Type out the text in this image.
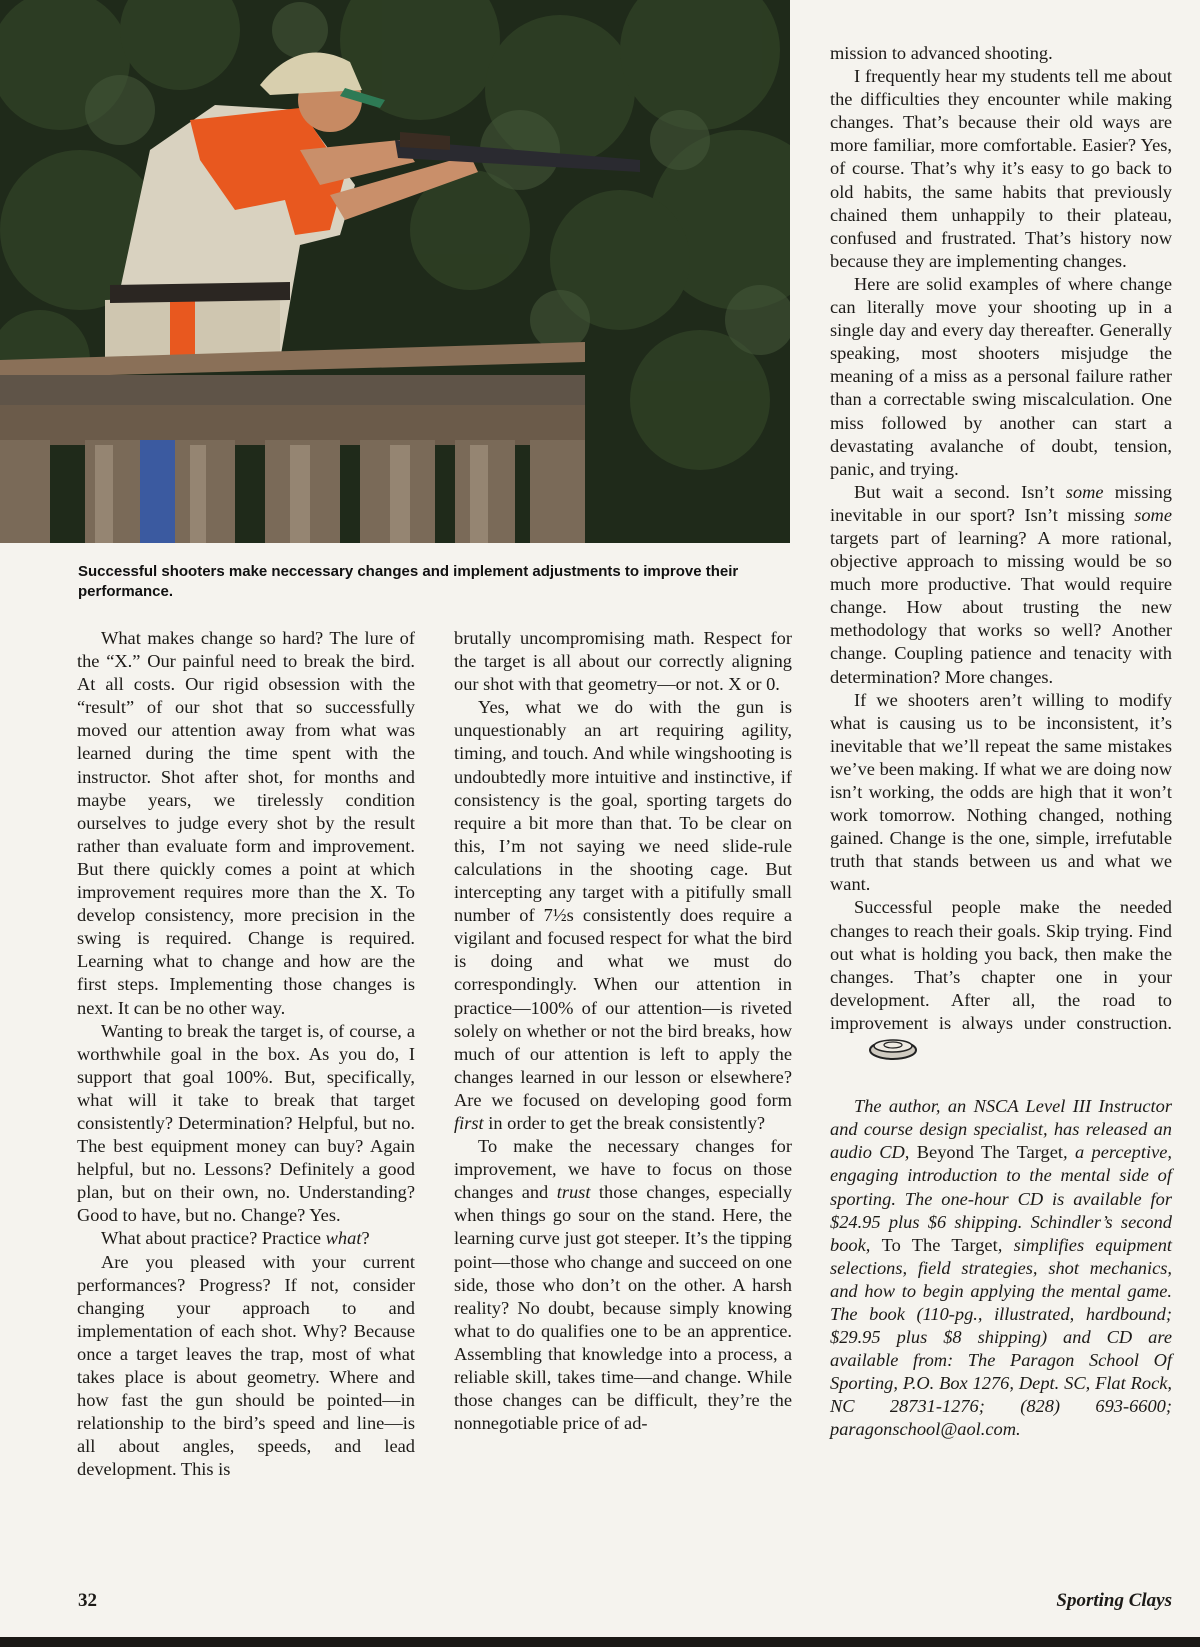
Successful shooters make neccessary changes and implement adjustments to improve their performance.

What makes change so hard? The lure of the “X.” Our painful need to break the bird. At all costs. Our rigid obsession with the “result” of our shot that so successfully moved our attention away from what was learned during the time spent with the instructor. Shot after shot, for months and maybe years, we tirelessly condition ourselves to judge every shot by the result rather than evaluate form and improvement. But there quickly comes a point at which improvement requires more than the X. To develop consistency, more precision in the swing is required. Change is required. Learning what to change and how are the first steps. Implementing those changes is next. It can be no other way.

Wanting to break the target is, of course, a worthwhile goal in the box. As you do, I support that goal 100%. But, specifically, what will it take to break that target consistently? Determination? Helpful, but no. The best equipment money can buy? Again helpful, but no. Lessons? Definitely a good plan, but on their own, no. Understanding? Good to have, but no. Change? Yes.

What about practice? Practice what?

Are you pleased with your current performances? Progress? If not, consider changing your approach to and implementation of each shot. Why? Because once a target leaves the trap, most of what takes place is about geometry. Where and how fast the gun should be pointed—in relationship to the bird’s speed and line—is all about angles, speeds, and lead development. This is

brutally uncompromising math. Respect for the target is all about our correctly aligning our shot with that geometry—or not. X or 0.

Yes, what we do with the gun is unquestionably an art requiring agility, timing, and touch. And while wingshooting is undoubtedly more intuitive and instinctive, if consistency is the goal, sporting targets do require a bit more than that. To be clear on this, I’m not saying we need slide-rule calculations in the shooting cage. But intercepting any target with a pitifully small number of 7½s consistently does require a vigilant and focused respect for what the bird is doing and what we must do correspondingly. When our attention in practice—100% of our attention—is riveted solely on whether or not the bird breaks, how much of our attention is left to apply the changes learned in our lesson or elsewhere? Are we focused on developing good form first in order to get the break consistently?

To make the necessary changes for improvement, we have to focus on those changes and trust those changes, especially when things go sour on the stand. Here, the learning curve just got steeper. It’s the tipping point—those who change and succeed on one side, those who don’t on the other. A harsh reality? No doubt, because simply knowing what to do qualifies one to be an apprentice. Assembling that knowledge into a process, a reliable skill, takes time—and change. While those changes can be difficult, they’re the nonnegotiable price of ad-

mission to advanced shooting.

I frequently hear my students tell me about the difficulties they encounter while making changes. That’s because their old ways are more familiar, more comfortable. Easier? Yes, of course. That’s why it’s easy to go back to old habits, the same habits that previously chained them unhappily to their plateau, confused and frustrated. That’s history now because they are implementing changes.

Here are solid examples of where change can literally move your shooting up in a single day and every day thereafter. Generally speaking, most shooters misjudge the meaning of a miss as a personal failure rather than a correctable swing miscalculation. One miss followed by another can start a devastating avalanche of doubt, tension, panic, and trying.

But wait a second. Isn’t some missing inevitable in our sport? Isn’t missing some targets part of learning? A more rational, objective approach to missing would be so much more productive. That would require change. How about trusting the new methodology that works so well? Another change. Coupling patience and tenacity with determination? More changes.

If we shooters aren’t willing to modify what is causing us to be inconsistent, it’s inevitable that we’ll repeat the same mistakes we’ve been making. If what we are doing now isn’t working, the odds are high that it won’t work tomorrow. Nothing changed, nothing gained. Change is the one, simple, irrefutable truth that stands between us and what we want.

Successful people make the needed changes to reach their goals. Skip trying. Find out what is holding you back, then make the changes. That’s chapter one in your development. After all, the road to improvement is always under construction.

The author, an NSCA Level III Instructor and course design specialist, has released an audio CD, Beyond The Target, a perceptive, engaging introduction to the mental side of sporting. The one-hour CD is available for $24.95 plus $6 shipping. Schindler’s second book, To The Target, simplifies equipment selections, field strategies, shot mechanics, and how to begin applying the mental game. The book (110-pg., illustrated, hardbound; $29.95 plus $8 shipping) and CD are available from: The Paragon School Of Sporting, P.O. Box 1276, Dept. SC, Flat Rock, NC 28731-1276; (828) 693-6600; paragonschool@aol.com.

32	Sporting Clays
